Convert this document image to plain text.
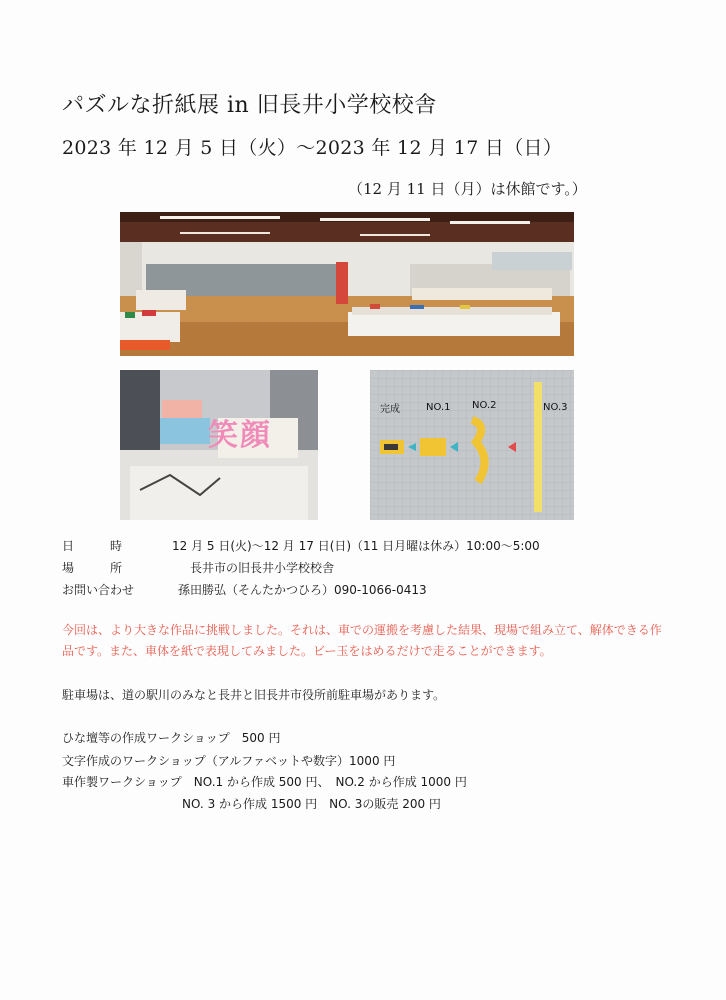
パズルな折紙展 in 旧長井小学校校舎
2023 年 12 月 5 日（火）～2023 年 12 月 17 日（日）
（12 月 11 日（月）は休館です。）
笑顔
完成	NO.1 NO.2	NO.3
日　　　時	12 月 5 日(火)～12 月 17 日(日)（11 日月曜は休み）10:00～5:00
場　　　所	長井市の旧長井小学校校舎
お問い合わせ	孫田勝弘（そんたかつひろ）090-1066-0413
今回は、より大きな作品に挑戦しました。それは、車での運搬を考慮した結果、現場で組み立て、解体できる作品です。また、車体を紙で表現してみました。ビー玉をはめるだけで走ることができます。
駐車場は、道の駅川のみなと長井と旧長井市役所前駐車場があります。
ひな壇等の作成ワークショップ　500 円
文字作成のワークショップ（アルファベットや数字）1000 円
車作製ワークショップ　NO.1 から作成 500 円、　NO.2 から作成 1000 円
NO. 3 から作成 1500 円　NO. 3の販売 200 円
